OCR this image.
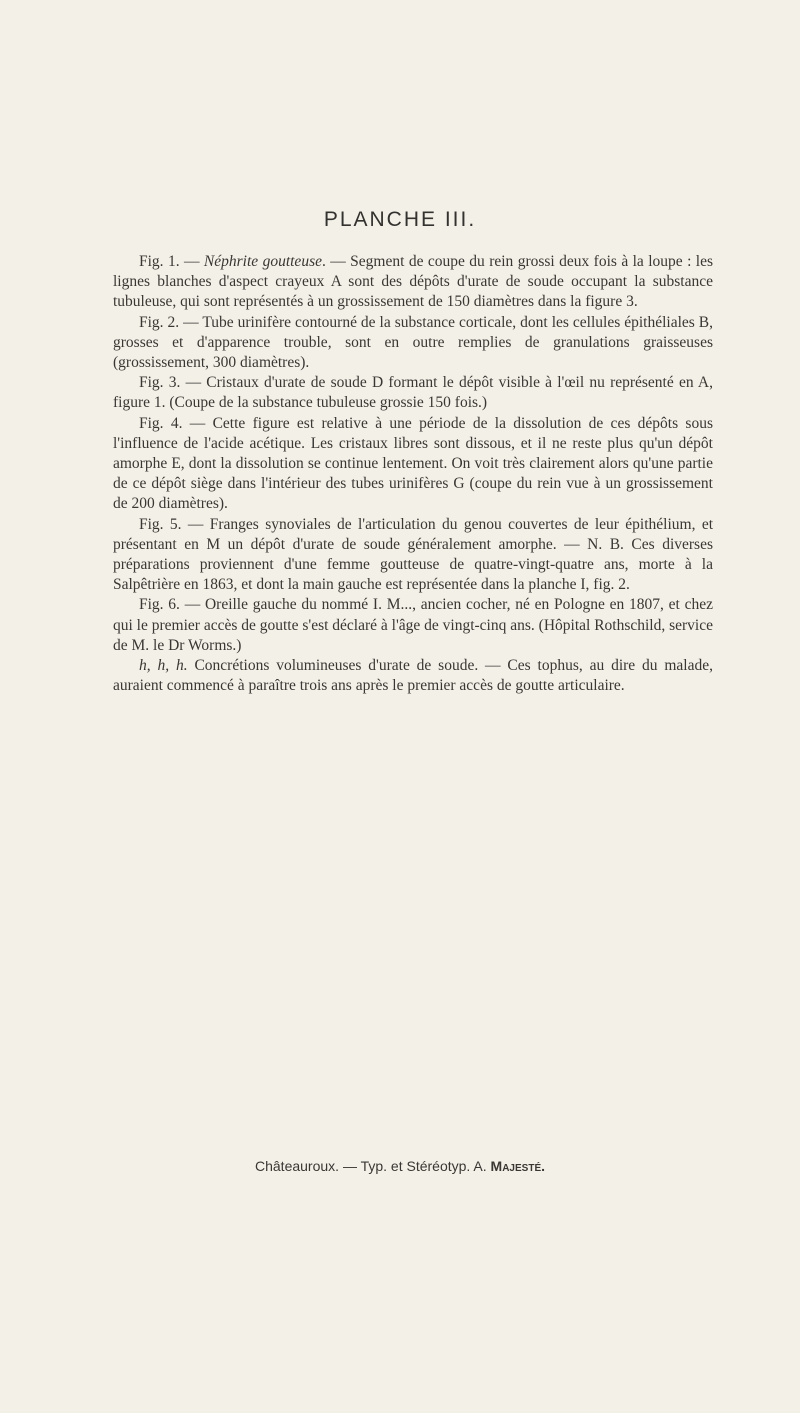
PLANCHE III.

Fig. 1. — Néphrite goutteuse. — Segment de coupe du rein grossi deux fois à la loupe : les lignes blanches d'aspect crayeux A sont des dépôts d'urate de soude occupant la substance tubuleuse, qui sont représentés à un grossissement de 150 diamètres dans la figure 3.

Fig. 2. — Tube urinifère contourné de la substance corticale, dont les cellules épithéliales B, grosses et d'apparence trouble, sont en outre remplies de granulations graisseuses (grossissement, 300 diamètres).

Fig. 3. — Cristaux d'urate de soude D formant le dépôt visible à l'œil nu représenté en A, figure 1. (Coupe de la substance tubuleuse grossie 150 fois.)

Fig. 4. — Cette figure est relative à une période de la dissolution de ces dépôts sous l'influence de l'acide acétique. Les cristaux libres sont dissous, et il ne reste plus qu'un dépôt amorphe E, dont la dissolution se continue lentement. On voit très clairement alors qu'une partie de ce dépôt siège dans l'intérieur des tubes urinifères G (coupe du rein vue à un grossissement de 200 diamètres).

Fig. 5. — Franges synoviales de l'articulation du genou couvertes de leur épithélium, et présentant en M un dépôt d'urate de soude généralement amorphe. — N. B. Ces diverses préparations proviennent d'une femme goutteuse de quatre-vingt-quatre ans, morte à la Salpêtrière en 1863, et dont la main gauche est représentée dans la planche I, fig. 2.

Fig. 6. — Oreille gauche du nommé I. M..., ancien cocher, né en Pologne en 1807, et chez qui le premier accès de goutte s'est déclaré à l'âge de vingt-cinq ans. (Hôpital Rothschild, service de M. le Dr Worms.)

h, h, h. Concrétions volumineuses d'urate de soude. — Ces tophus, au dire du malade, auraient commencé à paraître trois ans après le premier accès de goutte articulaire.

Châteauroux. — Typ. et Stéréotyp. A. Majesté.
